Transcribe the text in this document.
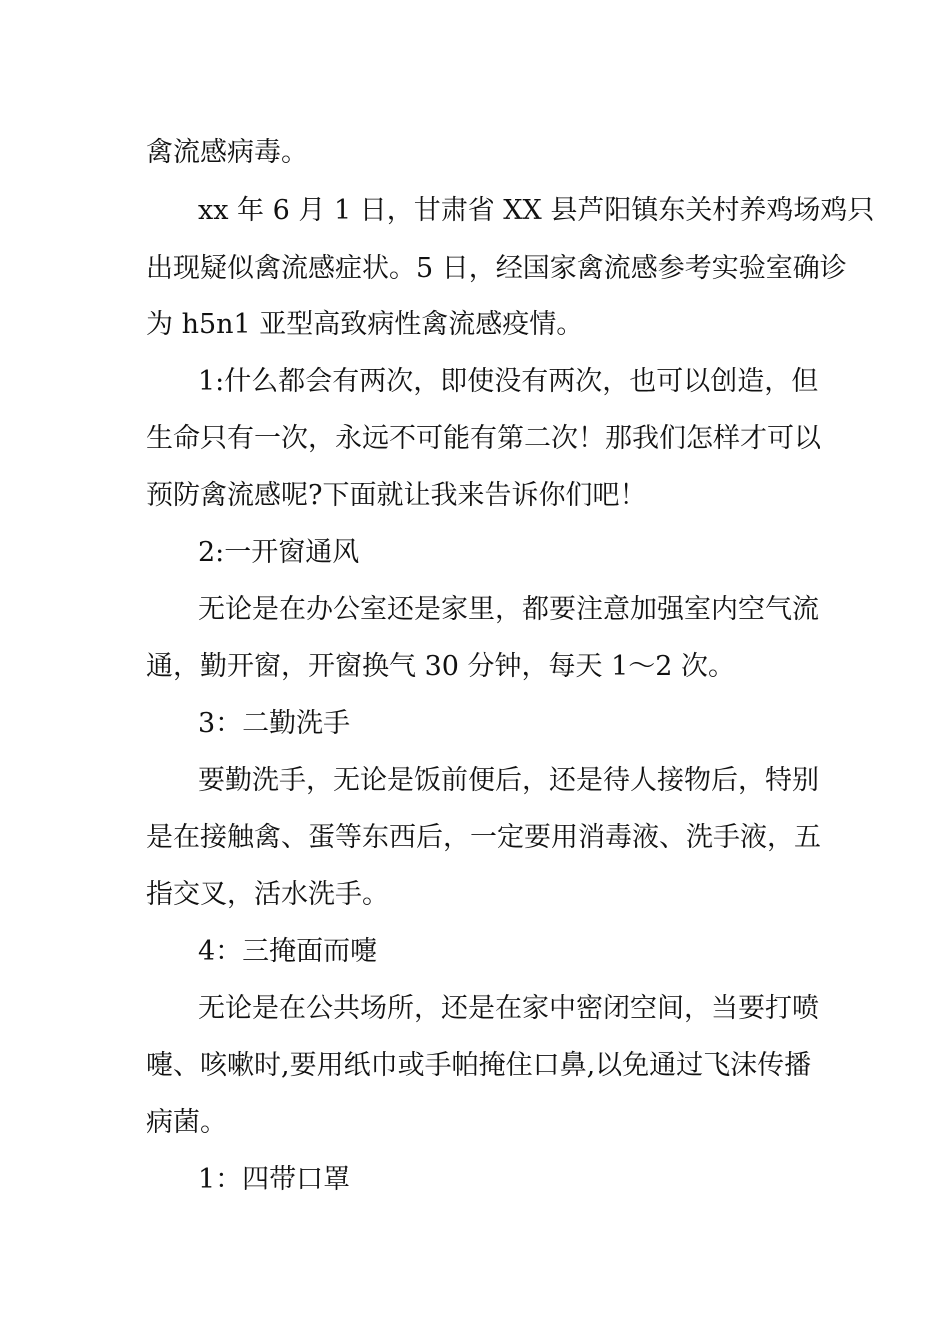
禽流感病毒。

xx 年 6 月 1 日，甘肃省 XX 县芦阳镇东关村养鸡场鸡只

出现疑似禽流感症状。5 日，经国家禽流感参考实验室确诊

为 h5n1 亚型高致病性禽流感疫情。

1:什么都会有两次，即使没有两次，也可以创造，但

生命只有一次，永远不可能有第二次！那我们怎样才可以

预防禽流感呢?下面就让我来告诉你们吧！

2:一开窗通风

无论是在办公室还是家里，都要注意加强室内空气流

通，勤开窗，开窗换气 30 分钟，每天 1～2 次。

3：二勤洗手

要勤洗手，无论是饭前便后，还是待人接物后，特别

是在接触禽、蛋等东西后，一定要用消毒液、洗手液，五

指交叉，活水洗手。

4：三掩面而嚏

无论是在公共场所，还是在家中密闭空间，当要打喷

嚏、咳嗽时,要用纸巾或手帕掩住口鼻,以免通过飞沫传播

病菌。

1：四带口罩
